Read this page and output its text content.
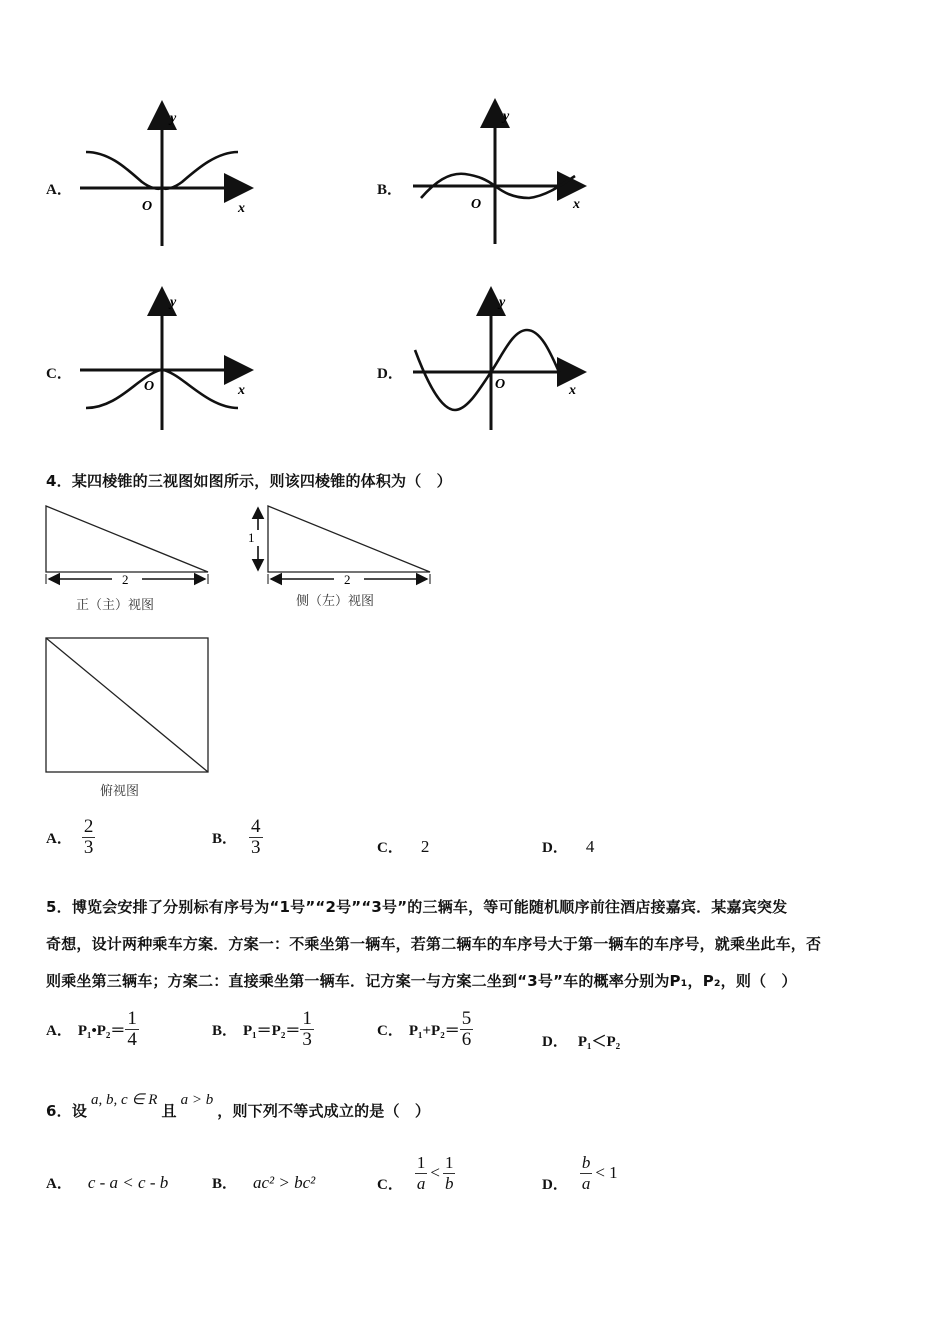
A．
y
x
O
B．
y
x
O
C．
y
x
O
D．
y
x
O
4．某四棱锥的三视图如图所示，则该四棱锥的体积为（　）
2
正（主）视图
1
2
侧（左）视图
俯视图
A． $\frac{2}{3}$	B． $\frac{4}{3}$	C． 2	D． 4
5．博览会安排了分别标有序号为“1号”“2号”“3号”的三辆车，等可能随机顺序前往酒店接嘉宾．某嘉宾突发
奇想，设计两种乘车方案．方案一：不乘坐第一辆车，若第二辆车的车序号大于第一辆车的车序号，就乘坐此车，否
则乘坐第三辆车；方案二：直接乘坐第一辆车．记方案一与方案二坐到“3号”车的概率分别为P₁，P₂，则（　）
A． P₁•P₂＝ $\frac{1}{4}$	B． $P_1=P_2= \frac{1}{3}$	C． $P_1+P_2= \frac{5}{6}$	D． P₁＜P₂
6．设 a, b, c ∈ R 且 a > b ，则下列不等式成立的是（　）
A． c - a < c - b	B． ac² > bc²	C． $\frac{1}{a} < \frac{1}{b}$	D． $\frac{b}{a} < 1$
